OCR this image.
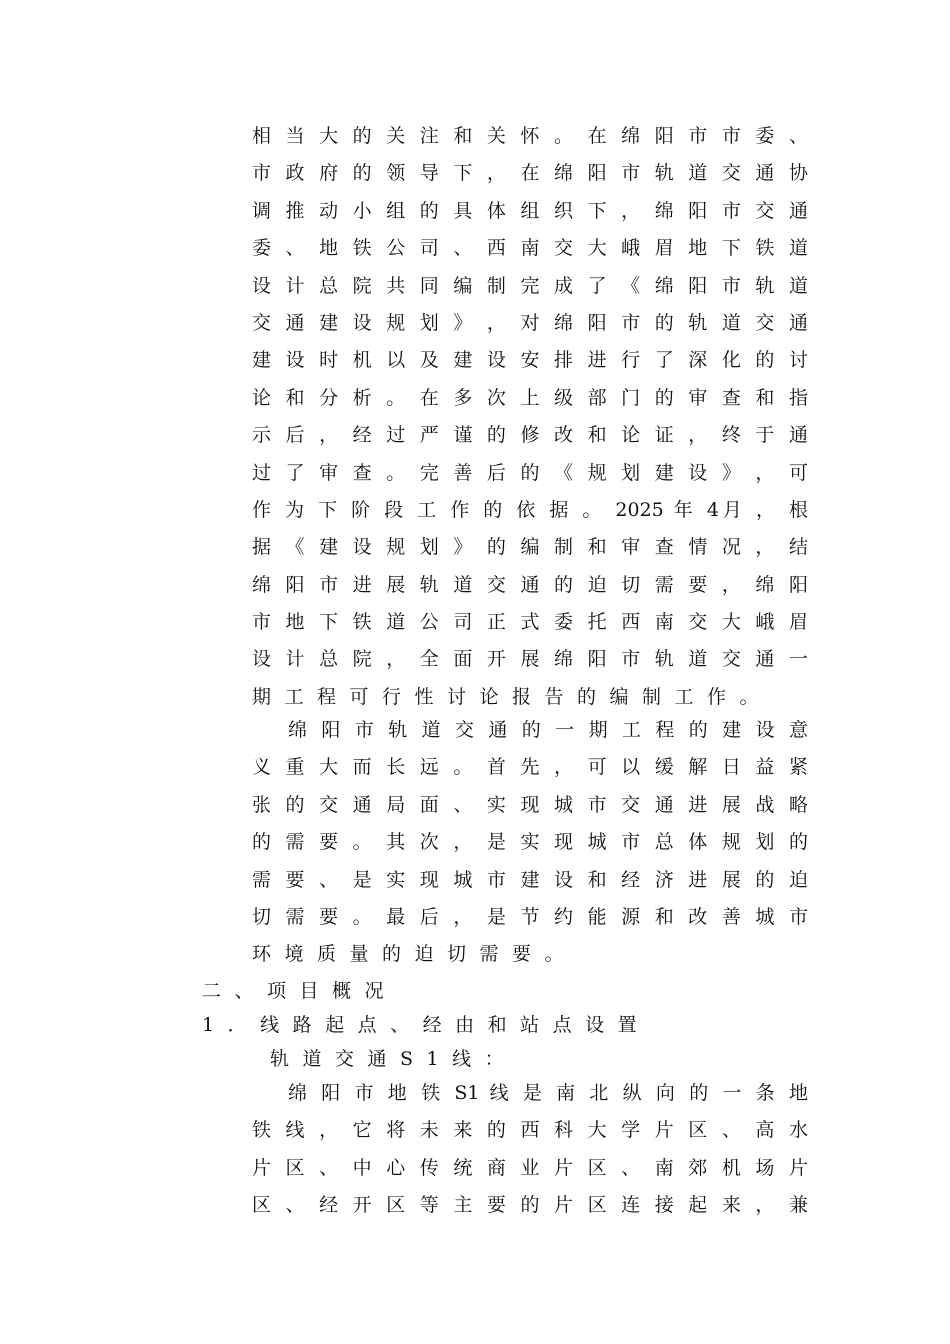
相 当 大 的 关 注 和 关 怀 。 在 绵 阳 市 市 委 、
市 政 府 的 领 导 下 ， 在 绵 阳 市 轨 道 交 通 协
调 推 动 小 组 的 具 体 组 织 下 ， 绵 阳 市 交 通
委 、 地 铁 公 司 、 西 南 交 大 峨 眉 地 下 铁 道
设 计 总 院 共 同 编 制 完 成 了 《 绵 阳 市 轨 道
交 通 建 设 规 划 》 ， 对 绵 阳 市 的 轨 道 交 通
建 设 时 机 以 及 建 设 安 排 进 行 了 深 化 的 讨
论 和 分 析 。 在 多 次 上 级 部 门 的 审 查 和 指
示 后 ， 经 过 严 谨 的 修 改 和 论 证 ， 终 于 通
过 了 审 查 。 完 善 后 的 《 规 划 建 设 》 ， 可
作 为 下 阶 段 工 作 的 依 据 。 2025 年 4月 ， 根
据 《 建 设 规 划 》 的 编 制 和 审 查 情 况 ， 结
绵 阳 市 进 展 轨 道 交 通 的 迫 切 需 要 ， 绵 阳
市 地 下 铁 道 公 司 正 式 委 托 西 南 交 大 峨 眉
设 计 总 院 ， 全 面 开 展 绵 阳 市 轨 道 交 通 一
期工程可行性讨论报告的编制工作。
绵 阳 市 轨 道 交 通 的 一 期 工 程 的 建 设 意
义 重 大 而 长 远 。 首 先 ， 可 以 缓 解 日 益 紧
张 的 交 通 局 面 、 实 现 城 市 交 通 进 展 战 略
的 需 要 。 其 次 ， 是 实 现 城 市 总 体 规 划 的
需 要 、 是 实 现 城 市 建 设 和 经 济 进 展 的 迫
切 需 要 。 最 后 ， 是 节 约 能 源 和 改 善 城 市
环境质量的迫切需要。
二、项目概况
1．线路起点、经由和站点设置
轨道交通S1线：
绵 阳 市 地 铁 S1 线 是 南 北 纵 向 的 一 条 地
铁 线 ， 它 将 未 来 的 西 科 大 学 片 区 、 高 水
片 区 、 中 心 传 统 商 业 片 区 、 南 郊 机 场 片
区 、 经 开 区 等 主 要 的 片 区 连 接 起 来 ， 兼
